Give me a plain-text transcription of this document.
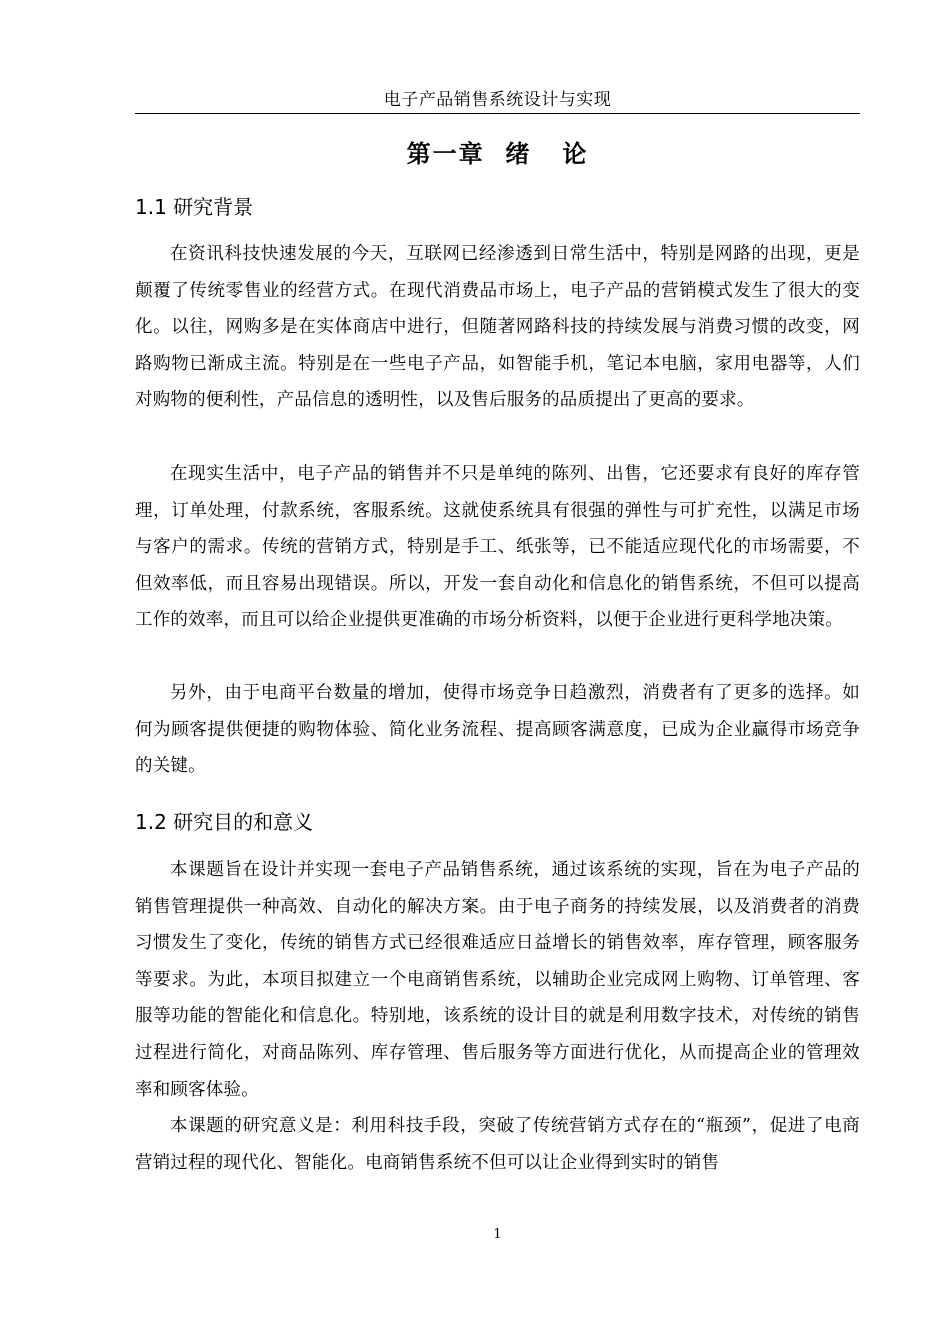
电子产品销售系统设计与实现
第一章  绪   论
1.1 研究背景

在资讯科技快速发展的今天，互联网已经渗透到日常生活中，特别是网路的出现，更是颠覆了传统零售业的经营方式。在现代消费品市场上，电子产品的营销模式发生了很大的变化。以往，网购多是在实体商店中进行，但随著网路科技的持续发展与消费习惯的改变，网路购物已渐成主流。特别是在一些电子产品，如智能手机，笔记本电脑，家用电器等，人们对购物的便利性，产品信息的透明性，以及售后服务的品质提出了更高的要求。

在现实生活中，电子产品的销售并不只是单纯的陈列、出售，它还要求有良好的库存管理，订单处理，付款系统，客服系统。这就使系统具有很强的弹性与可扩充性，以满足市场与客户的需求。传统的营销方式，特别是手工、纸张等，已不能适应现代化的市场需要，不但效率低，而且容易出现错误。所以，开发一套自动化和信息化的销售系统，不但可以提高工作的效率，而且可以给企业提供更准确的市场分析资料，以便于企业进行更科学地决策。

另外，由于电商平台数量的增加，使得市场竞争日趋激烈，消费者有了更多的选择。如何为顾客提供便捷的购物体验、简化业务流程、提高顾客满意度，已成为企业赢得市场竞争的关键。

1.2 研究目的和意义

本课题旨在设计并实现一套电子产品销售系统，通过该系统的实现，旨在为电子产品的销售管理提供一种高效、自动化的解决方案。由于电子商务的持续发展，以及消费者的消费习惯发生了变化，传统的销售方式已经很难适应日益增长的销售效率，库存管理，顾客服务等要求。为此，本项目拟建立一个电商销售系统，以辅助企业完成网上购物、订单管理、客服等功能的智能化和信息化。特别地，该系统的设计目的就是利用数字技术，对传统的销售过程进行简化，对商品陈列、库存管理、售后服务等方面进行优化，从而提高企业的管理效率和顾客体验。

本课题的研究意义是：利用科技手段，突破了传统营销方式存在的“瓶颈”，促进了电商营销过程的现代化、智能化。电商销售系统不但可以让企业得到实时的销售

1
